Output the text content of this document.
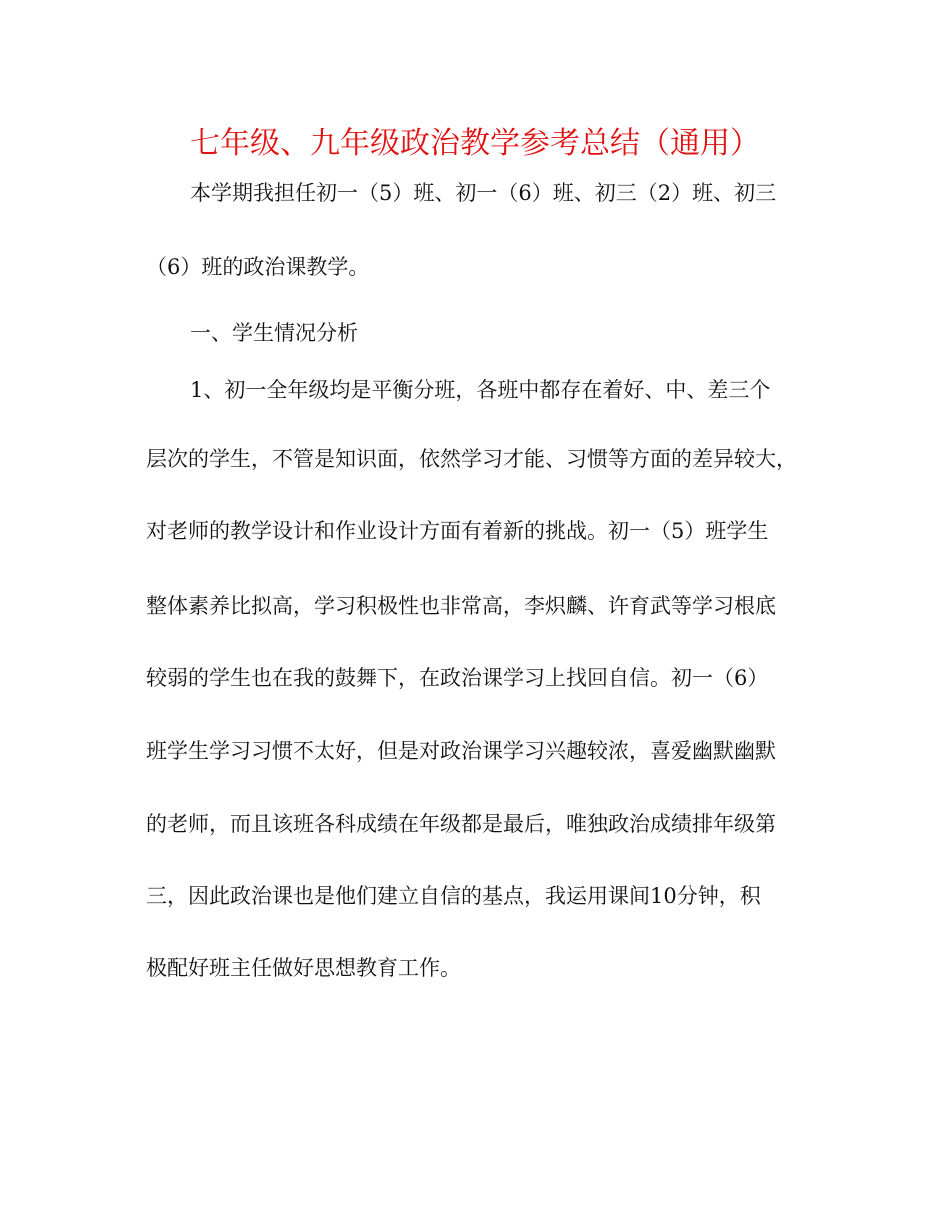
七年级、九年级政治教学参考总结（通用）
本学期我担任初一（5）班、初一（6）班、初三（2）班、初三
（6）班的政治课教学。
一、学生情况分析
1、初一全年级均是平衡分班，各班中都存在着好、中、差三个
层次的学生，不管是知识面，依然学习才能、习惯等方面的差异较大，
对老师的教学设计和作业设计方面有着新的挑战。初一（5）班学生
整体素养比拟高，学习积极性也非常高，李炽麟、许育武等学习根底
较弱的学生也在我的鼓舞下，在政治课学习上找回自信。初一（6）
班学生学习习惯不太好，但是对政治课学习兴趣较浓，喜爱幽默幽默
的老师，而且该班各科成绩在年级都是最后，唯独政治成绩排年级第
三，因此政治课也是他们建立自信的基点，我运用课间10分钟，积
极配好班主任做好思想教育工作。
